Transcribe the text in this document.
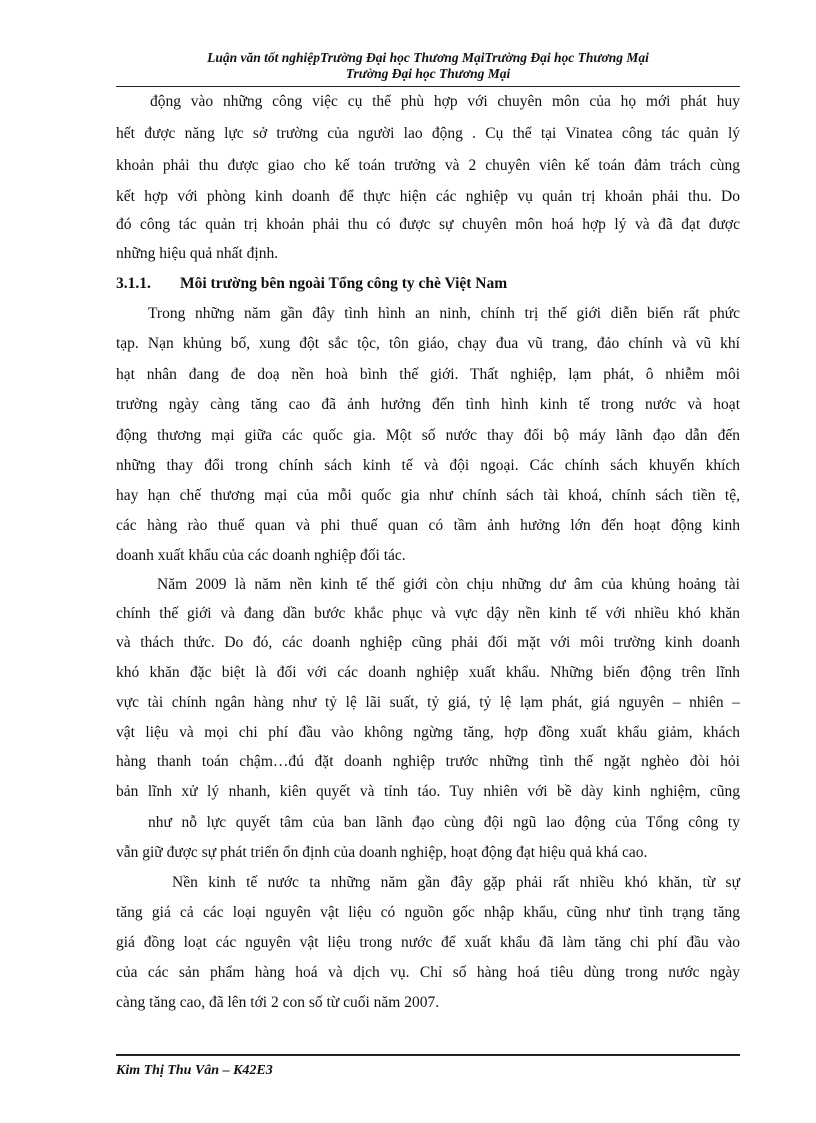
Luận văn tốt nghiệpTrường Đại học Thương MạiTrường Đại học Thương Mại
Trường Đại học Thương Mại
động vào những công việc cụ thể phù hợp với chuyên môn của họ mới phát huy
hết được năng lực sở trường của người lao động . Cụ thể tại Vinatea công tác quản lý
khoản phải thu được giao cho kế toán trưởng và 2 chuyên viên kế toán đảm trách cùng
kết hợp với phòng kinh doanh để thực hiện các nghiệp vụ quản trị khoản phải thu. Do
đó công tác quản trị khoản phải thu có được sự chuyên môn hoá hợp lý và đã đạt được
những hiệu quả nhất định.
3.1.1. Môi trường bên ngoài Tổng công ty chè Việt Nam
Trong những năm gần đây tình hình an ninh, chính trị thế giới diễn biến rất phức
tạp. Nạn khủng bố, xung đột sắc tộc, tôn giáo, chạy đua vũ trang, đảo chính và vũ khí
hạt nhân đang đe doạ nền hoà bình thế giới. Thất nghiệp, lạm phát, ô nhiễm môi
trường ngày càng tăng cao đã ảnh hưởng đến tình hình kinh tế trong nước và hoạt
động thương mại giữa các quốc gia. Một số nước thay đổi bộ máy lãnh đạo dẫn đến
những thay đổi trong chính sách kinh tế và đội ngoại. Các chính sách khuyến khích
hay hạn chế thương mại của mỗi quốc gia như chính sách tài khoá, chính sách tiền tệ,
các hàng rào thuế quan và phi thuế quan có tầm ảnh hưởng lớn đến hoạt động kinh
doanh xuất khẩu của các doanh nghiệp đối tác.
Năm 2009 là năm nền kinh tế thế giới còn chịu những dư âm của khủng hoảng tài
chính thế giới và đang dần bước khắc phục và vực dậy nền kinh tế với nhiều khó khăn
và thách thức. Do đó, các doanh nghiệp cũng phải đối mặt với môi trường kinh doanh
khó khăn đặc biệt là đối với các doanh nghiệp xuất khẩu. Những biến động trên lĩnh
vực tài chính ngân hàng như tỷ lệ lãi suất, tỷ giá, tỷ lệ lạm phát, giá nguyên – nhiên –
vật liệu và mọi chi phí đầu vào không ngừng tăng, hợp đồng xuất khẩu giảm, khách
hàng thanh toán chậm…đú đặt doanh nghiệp trước những tình thế ngặt nghèo đòi hỏi
bản lĩnh xử lý nhanh, kiên quyết và tỉnh táo. Tuy nhiên với bề dày kinh nghiệm, cũng
như nỗ lực quyết tâm của ban lãnh đạo cùng đội ngũ lao động của Tổng công ty
vẫn giữ được sự phát triển ổn định của doanh nghiệp, hoạt động đạt hiệu quả khá cao.
Nền kinh tế nước ta những năm gần đây gặp phải rất nhiều khó khăn, từ sự
tăng giá cả các loại nguyên vật liệu có nguồn gốc nhập khẩu, cũng như tình trạng tăng
giá đồng loạt các nguyên vật liệu trong nước để xuất khẩu đã làm tăng chi phí đầu vào
của các sản phẩm hàng hoá và dịch vụ. Chỉ số hàng hoá tiêu dùng trong nước ngày
càng tăng cao, đã lên tới 2 con số từ cuối năm 2007.
Kim Thị Thu Vân – K42E3
